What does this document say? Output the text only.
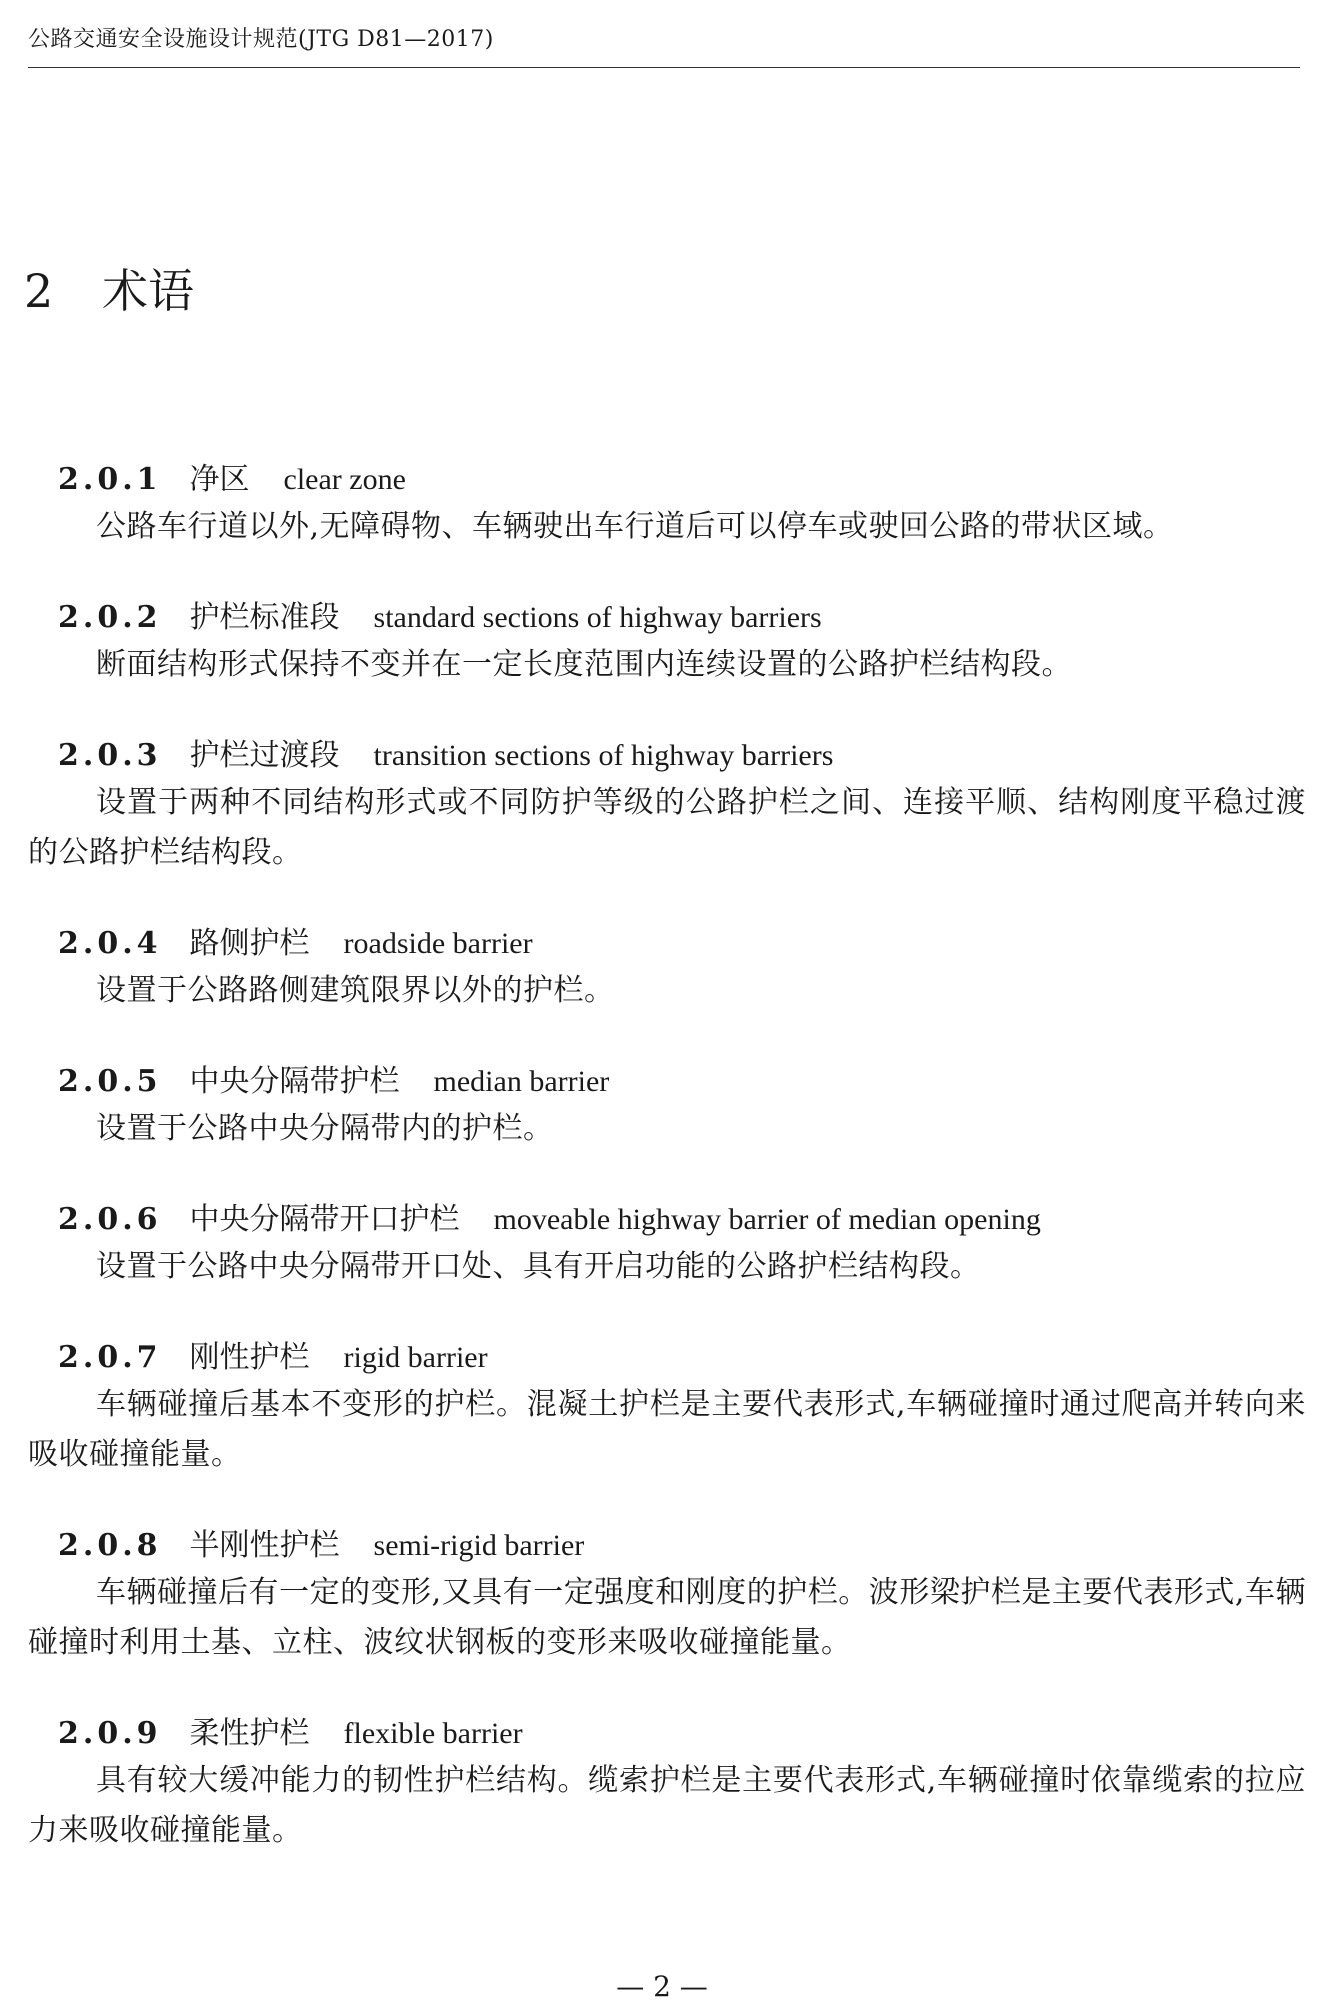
公路交通安全设施设计规范(JTG D81—2017)
2 术语
2.0.1 净区 clear zone

公路车行道以外,无障碍物、车辆驶出车行道后可以停车或驶回公路的带状区域。

2.0.2 护栏标准段 standard sections of highway barriers

断面结构形式保持不变并在一定长度范围内连续设置的公路护栏结构段。

2.0.3 护栏过渡段 transition sections of highway barriers

设置于两种不同结构形式或不同防护等级的公路护栏之间、连接平顺、结构刚度平稳过渡的公路护栏结构段。

2.0.4 路侧护栏 roadside barrier

设置于公路路侧建筑限界以外的护栏。

2.0.5 中央分隔带护栏 median barrier

设置于公路中央分隔带内的护栏。

2.0.6 中央分隔带开口护栏 moveable highway barrier of median opening

设置于公路中央分隔带开口处、具有开启功能的公路护栏结构段。

2.0.7 刚性护栏 rigid barrier

车辆碰撞后基本不变形的护栏。混凝土护栏是主要代表形式,车辆碰撞时通过爬高并转向来吸收碰撞能量。

2.0.8 半刚性护栏 semi-rigid barrier

车辆碰撞后有一定的变形,又具有一定强度和刚度的护栏。波形梁护栏是主要代表形式,车辆碰撞时利用土基、立柱、波纹状钢板的变形来吸收碰撞能量。

2.0.9 柔性护栏 flexible barrier

具有较大缓冲能力的韧性护栏结构。缆索护栏是主要代表形式,车辆碰撞时依靠缆索的拉应力来吸收碰撞能量。

— 2 —
